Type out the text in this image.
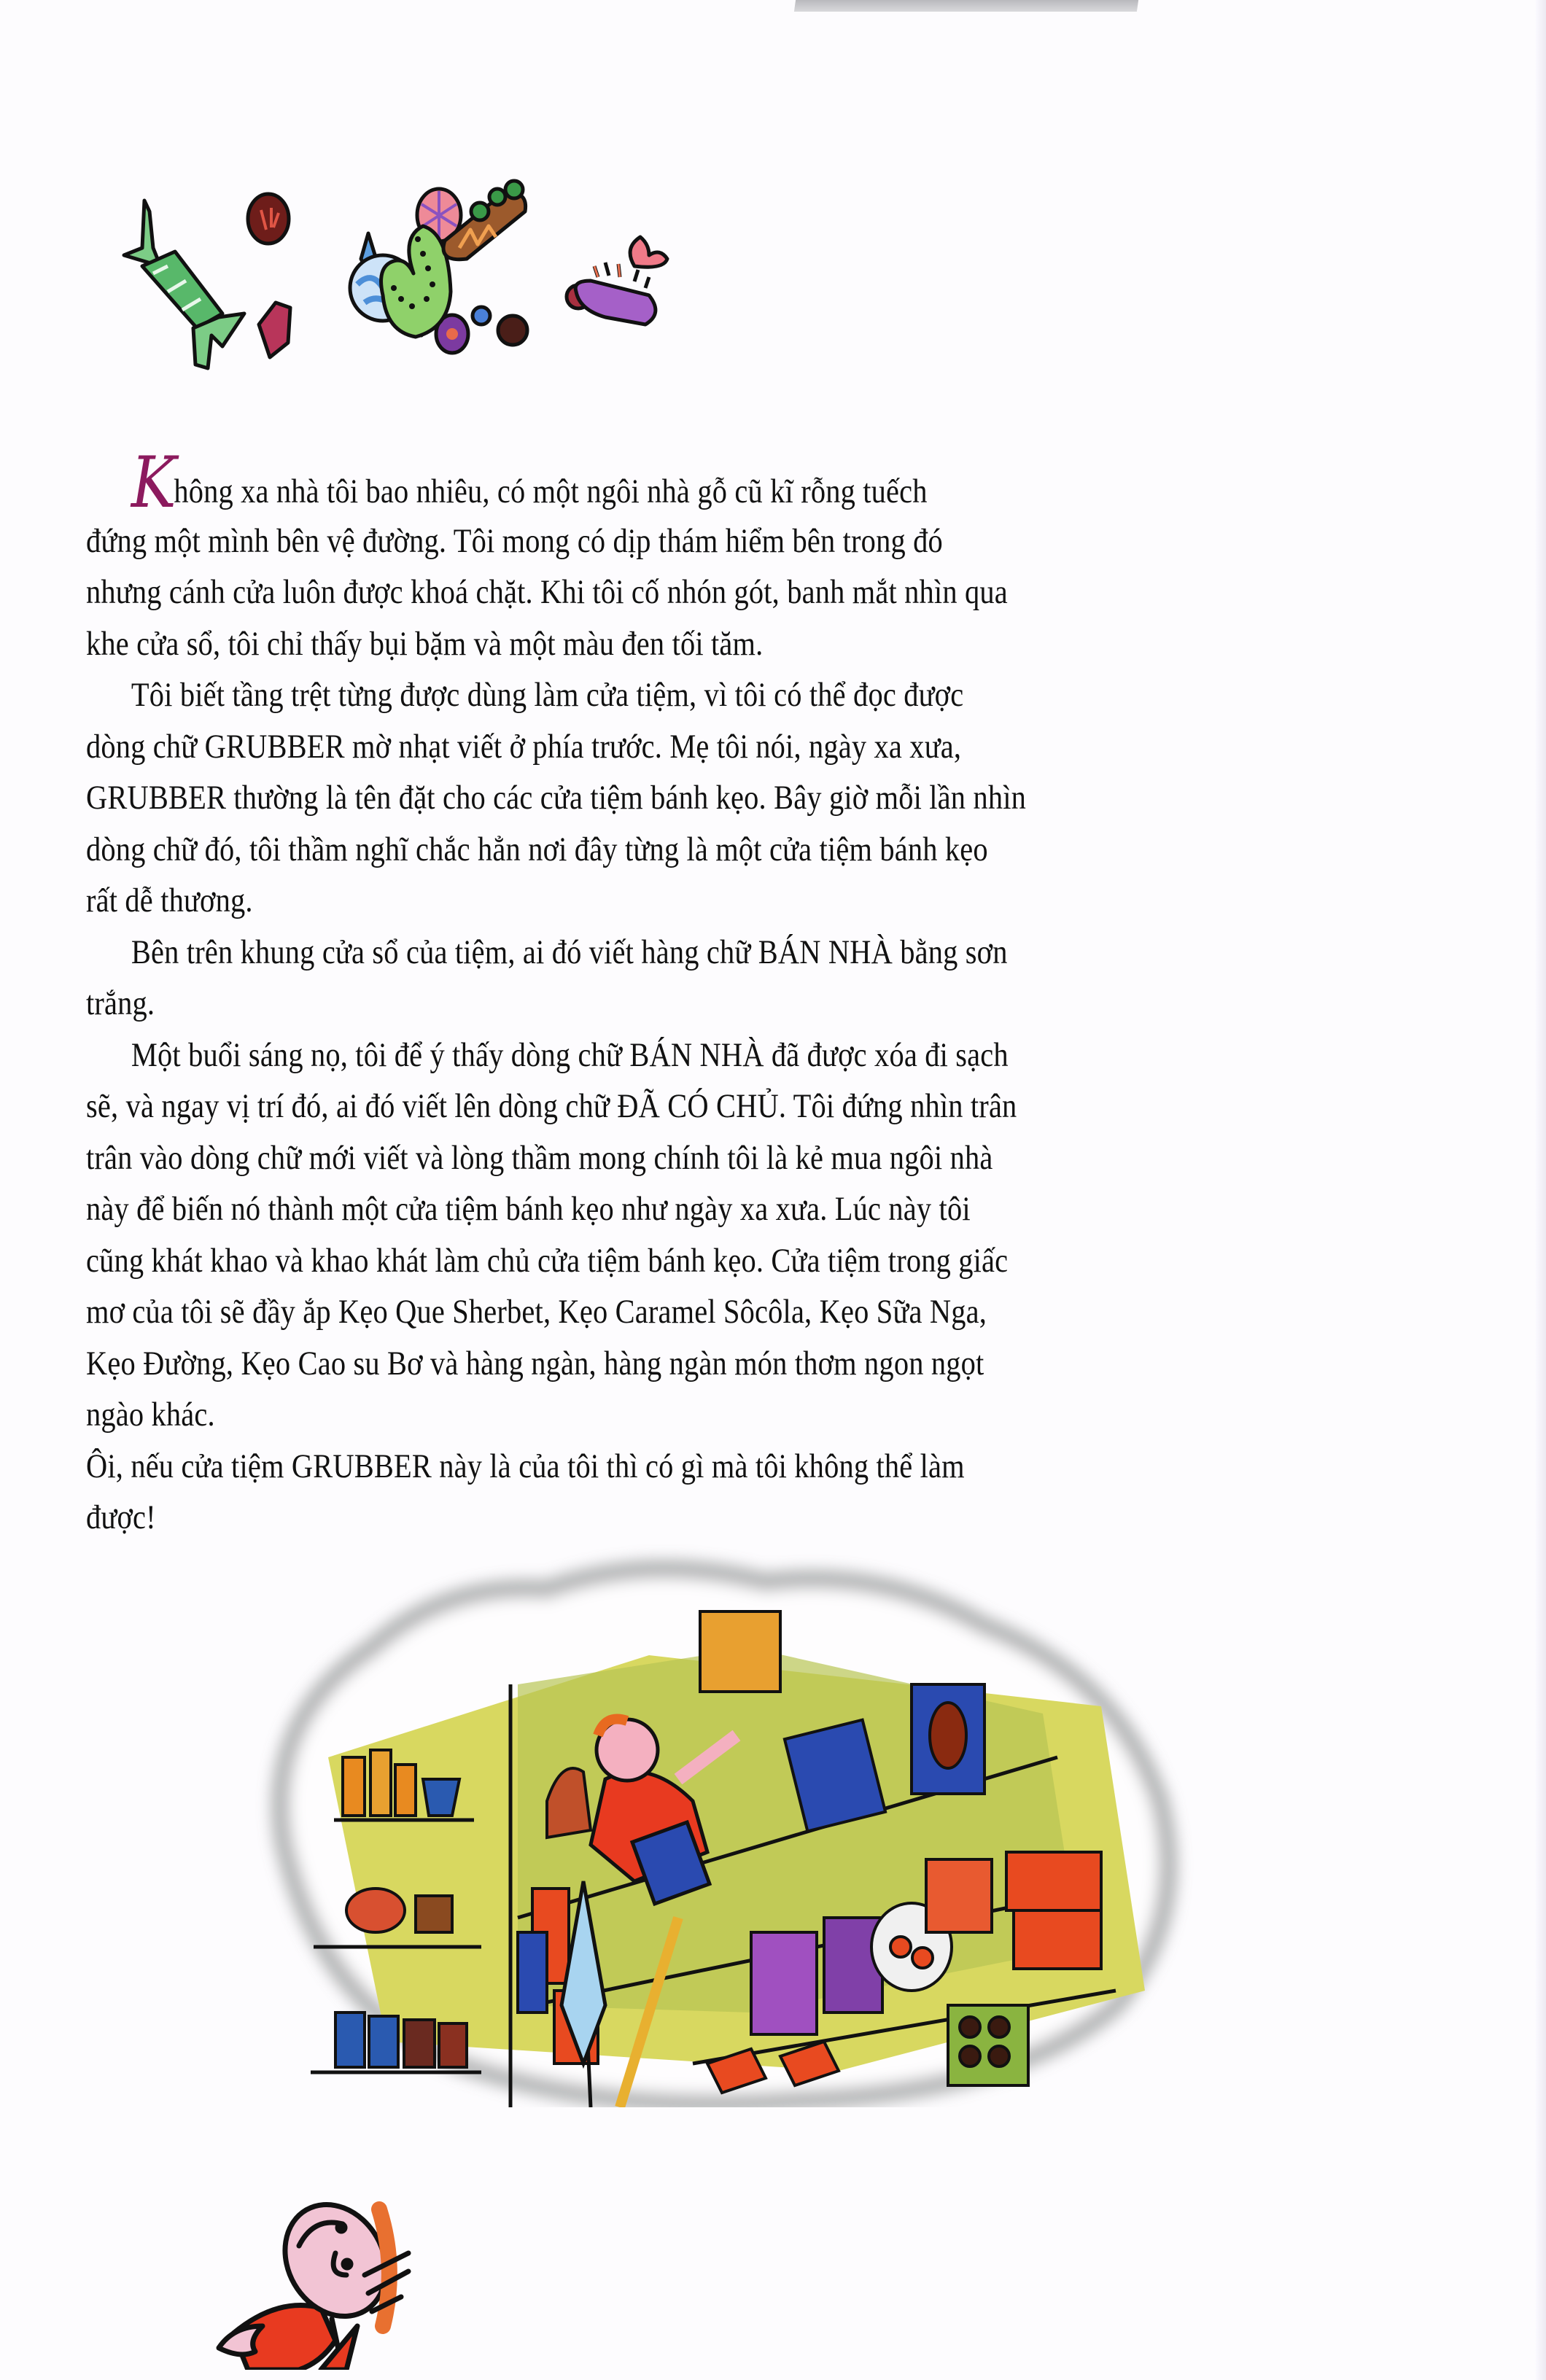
Không xa nhà tôi bao nhiêu, có một ngôi nhà gỗ cũ kĩ rỗng tuếch
đứng một mình bên vệ đường. Tôi mong có dịp thám hiểm bên trong đó
nhưng cánh cửa luôn được khoá chặt. Khi tôi cố nhón gót, banh mắt nhìn qua
khe cửa sổ, tôi chỉ thấy bụi bặm và một màu đen tối tăm.
Tôi biết tầng trệt từng được dùng làm cửa tiệm, vì tôi có thể đọc được
dòng chữ GRUBBER mờ nhạt viết ở phía trước. Mẹ tôi nói, ngày xa xưa,
GRUBBER thường là tên đặt cho các cửa tiệm bánh kẹo. Bây giờ mỗi lần nhìn
dòng chữ đó, tôi thầm nghĩ chắc hẳn nơi đây từng là một cửa tiệm bánh kẹo
rất dễ thương.
Bên trên khung cửa sổ của tiệm, ai đó viết hàng chữ BÁN NHÀ bằng sơn
trắng.
Một buổi sáng nọ, tôi để ý thấy dòng chữ BÁN NHÀ đã được xóa đi sạch
sẽ, và ngay vị trí đó, ai đó viết lên dòng chữ ĐÃ CÓ CHỦ. Tôi đứng nhìn trân
trân vào dòng chữ mới viết và lòng thầm mong chính tôi là kẻ mua ngôi nhà
này để biến nó thành một cửa tiệm bánh kẹo như ngày xa xưa. Lúc này tôi
cũng khát khao và khao khát làm chủ cửa tiệm bánh kẹo. Cửa tiệm trong giấc
mơ của tôi sẽ đầy ắp Kẹo Que Sherbet, Kẹo Caramel Sôcôla, Kẹo Sữa Nga,
Kẹo Đường, Kẹo Cao su Bơ và hàng ngàn, hàng ngàn món thơm ngon ngọt
ngào khác.
Ôi, nếu cửa tiệm GRUBBER này là của tôi thì có gì mà tôi không thể làm
được!
